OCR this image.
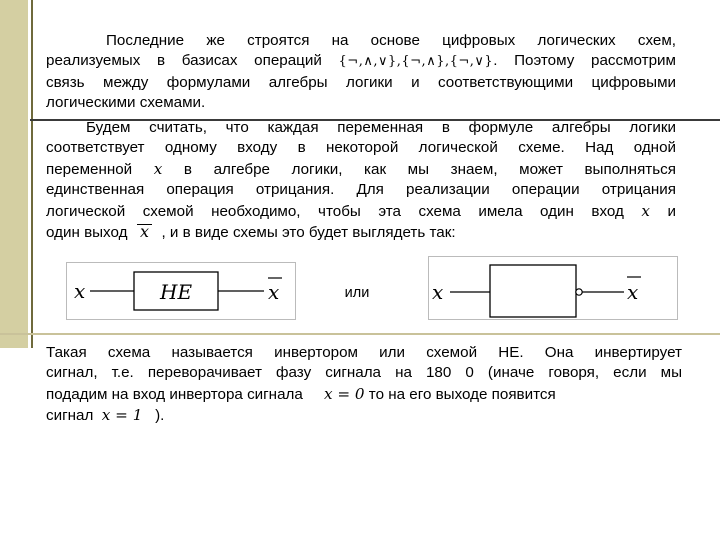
Последние же строятся на основе цифровых логических схем,
реализуемых в базисах операций {¬,∧,∨},{¬,∧},{¬,∨}. Поэтому рассмотрим
связь между формулами алгебры логики и соответствующими цифровыми
логическими схемами.
Будем считать, что каждая переменная в формуле алгебры логики
соответствует одному входу в некоторой логической схеме. Над одной
переменной x в алгебре логики, как мы знаем, может выполняться
единственная операция отрицания. Для реализации операции отрицания
логической схемой необходимо, чтобы эта схема имела один вход x и
один выход x , и в виде схемы это будет выглядеть так:
x	НЕ	x	или	x	x
Такая схема называется инвертором или схемой НЕ. Она инвертирует
сигнал, т.е. переворачивает фазу сигнала на 180 0 (иначе говоря, если мы
подадим на вход инвертора сигнала x = 0 то на его выходе появится
сигнал x = 1 ).
